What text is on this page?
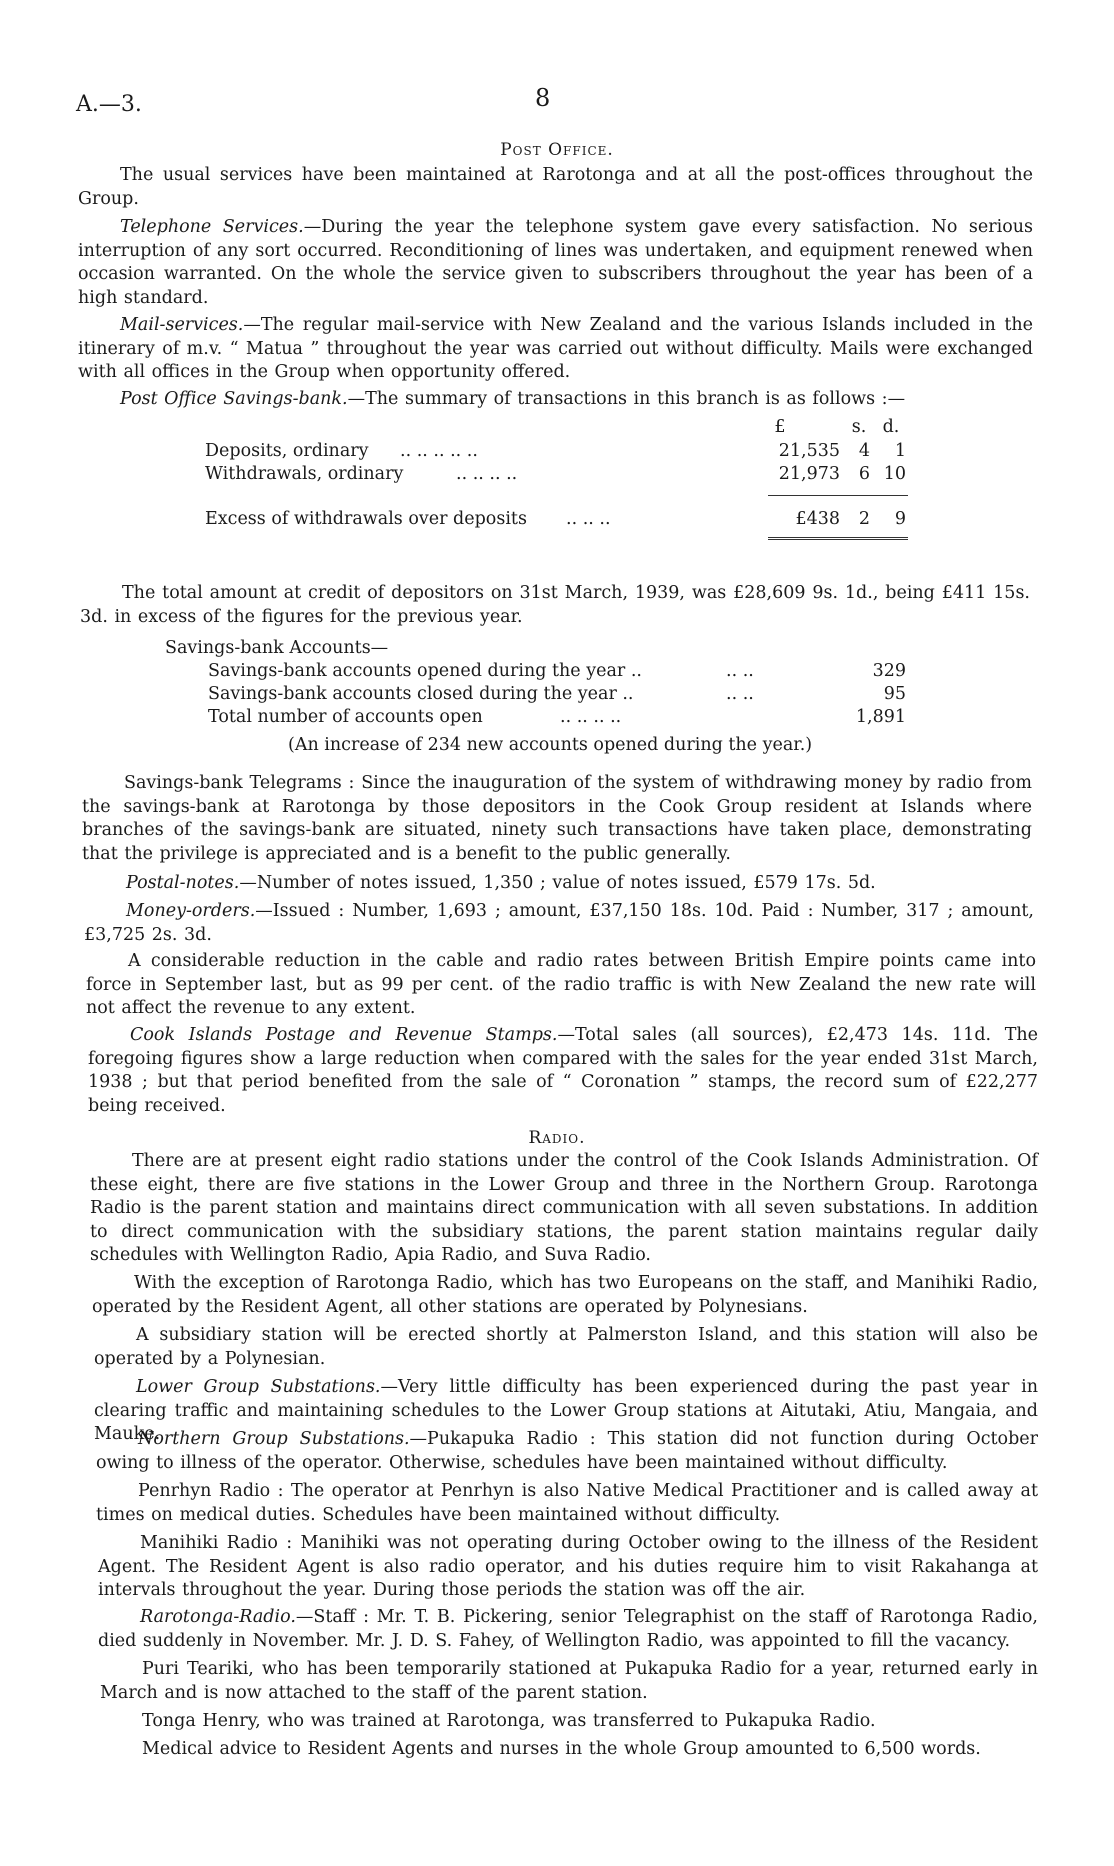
A.—3.	8
Post Office.
The usual services have been maintained at Rarotonga and at all the post-offices throughout the Group.
Telephone Services.—During the year the telephone system gave every satisfaction. No serious interruption of any sort occurred. Reconditioning of lines was undertaken, and equipment renewed when occasion warranted. On the whole the service given to subscribers throughout the year has been of a high standard.
Mail-services.—The regular mail-service with New Zealand and the various Islands included in the itinerary of m.v. “ Matua ” throughout the year was carried out without difficulty. Mails were exchanged with all offices in the Group when opportunity offered.
Post Office Savings-bank.—The summary of transactions in this branch is as follows :—
£	s. d.
Deposits, ordinary .. .. .. .. ..	21,535	4	1
Withdrawals, ordinary	.. .. .. ..	21,973	6 10
Excess of withdrawals over deposits .. .. ..	£438	2	9
The total amount at credit of depositors on 31st March, 1939, was £28,609 9s. 1d., being £411 15s. 3d. in excess of the figures for the previous year.
Savings-bank Accounts—
Savings-bank accounts opened during the year ..	.. ..	329
Savings-bank accounts closed during the year ..	.. ..	95
Total number of accounts open	.. .. .. ..	1,891
(An increase of 234 new accounts opened during the year.)
Savings-bank Telegrams : Since the inauguration of the system of withdrawing money by radio from the savings-bank at Rarotonga by those depositors in the Cook Group resident at Islands where branches of the savings-bank are situated, ninety such transactions have taken place, demonstrating that the privilege is appreciated and is a benefit to the public generally.
Postal-notes.—Number of notes issued, 1,350 ; value of notes issued, £579 17s. 5d.
Money-orders.—Issued : Number, 1,693 ; amount, £37,150 18s. 10d. Paid : Number, 317 ; amount, £3,725 2s. 3d.
A considerable reduction in the cable and radio rates between British Empire points came into force in September last, but as 99 per cent. of the radio traffic is with New Zealand the new rate will not affect the revenue to any extent.
Cook Islands Postage and Revenue Stamps.—Total sales (all sources), £2,473 14s. 11d. The foregoing figures show a large reduction when compared with the sales for the year ended 31st March, 1938 ; but that period benefited from the sale of “ Coronation ” stamps, the record sum of £22,277 being received.
Radio.
There are at present eight radio stations under the control of the Cook Islands Administration. Of these eight, there are five stations in the Lower Group and three in the Northern Group. Rarotonga Radio is the parent station and maintains direct communication with all seven substations. In addition to direct communication with the subsidiary stations, the parent station maintains regular daily schedules with Wellington Radio, Apia Radio, and Suva Radio.
With the exception of Rarotonga Radio, which has two Europeans on the staff, and Manihiki Radio, operated by the Resident Agent, all other stations are operated by Polynesians.
A subsidiary station will be erected shortly at Palmerston Island, and this station will also be operated by a Polynesian.
Lower Group Substations.—Very little difficulty has been experienced during the past year in clearing traffic and maintaining schedules to the Lower Group stations at Aitutaki, Atiu, Mangaia, and Mauke.
Northern Group Substations.—Pukapuka Radio : This station did not function during October owing to illness of the operator. Otherwise, schedules have been maintained without difficulty.
Penrhyn Radio : The operator at Penrhyn is also Native Medical Practitioner and is called away at times on medical duties. Schedules have been maintained without difficulty.
Manihiki Radio : Manihiki was not operating during October owing to the illness of the Resident Agent. The Resident Agent is also radio operator, and his duties require him to visit Rakahanga at intervals throughout the year. During those periods the station was off the air.
Rarotonga-Radio.—Staff : Mr. T. B. Pickering, senior Telegraphist on the staff of Rarotonga Radio, died suddenly in November. Mr. J. D. S. Fahey, of Wellington Radio, was appointed to fill the vacancy.
Puri Teariki, who has been temporarily stationed at Pukapuka Radio for a year, returned early in March and is now attached to the staff of the parent station.
Tonga Henry, who was trained at Rarotonga, was transferred to Pukapuka Radio.
Medical advice to Resident Agents and nurses in the whole Group amounted to 6,500 words.
